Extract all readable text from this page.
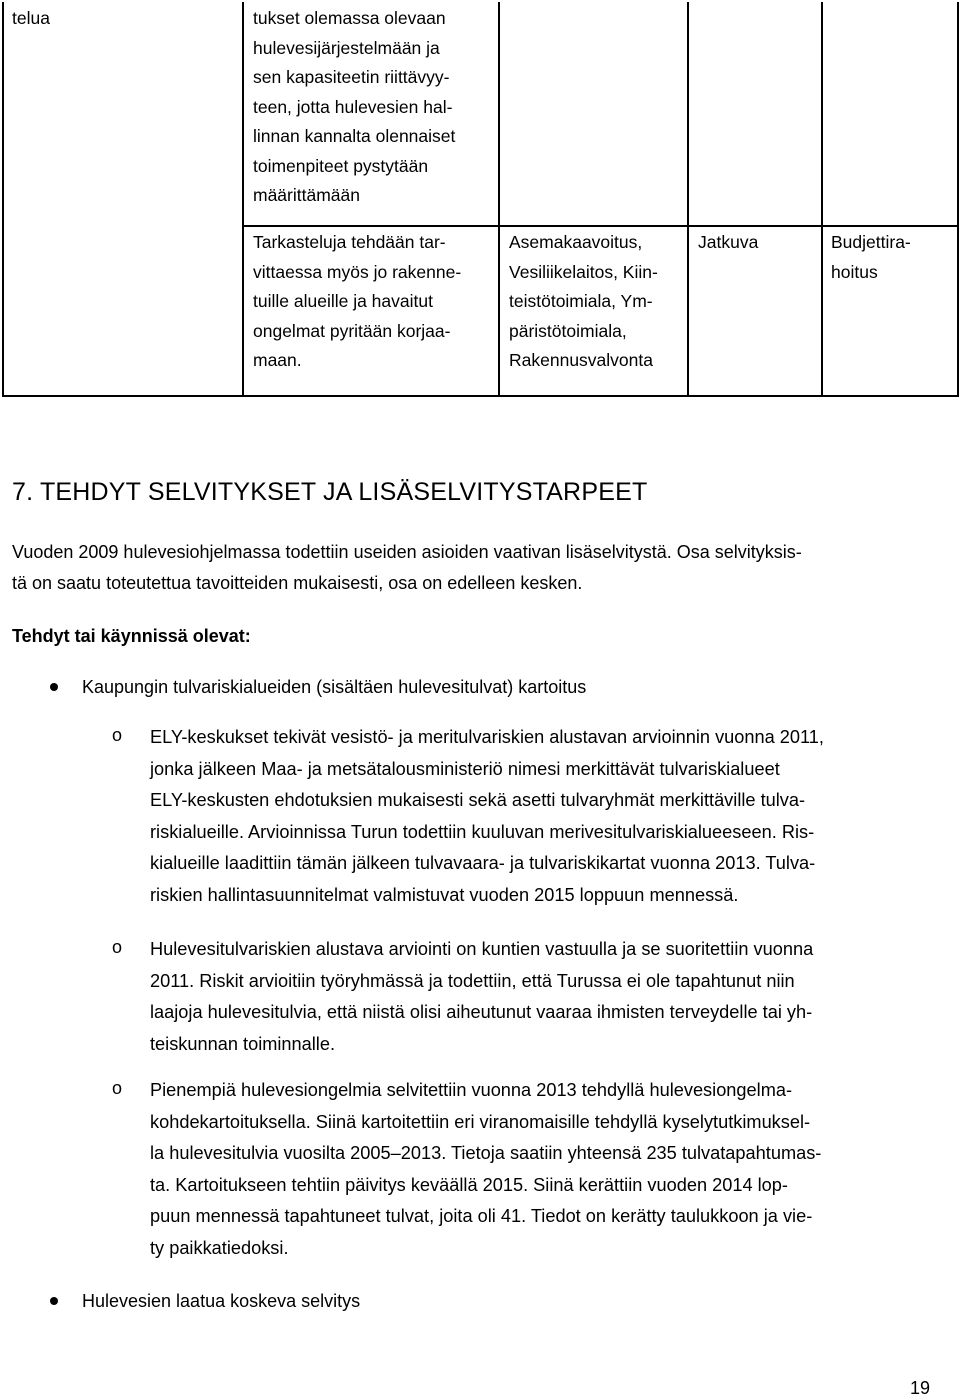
telua	tukset olemassa olevaan
hulevesijärjestelmään ja
sen kapasiteetin riittävyy-
teen, jotta hulevesien hal-
linnan kannalta olennaiset
toimenpiteet pystytään
määrittämään
Tarkasteluja tehdään tar-
vittaessa myös jo rakenne-
tuille alueille ja havaitut
ongelmat pyritään korjaa-
maan.
Asemakaavoitus,
Vesiliikelaitos, Kiin-
teistötoimiala, Ym-
päristötoimiala,
Rakennusvalvonta
Jatkuva	Budjettira-
hoitus
7. TEHDYT SELVITYKSET JA LISÄSELVITYSTARPEET
Vuoden 2009 hulevesiohjelmassa todettiin useiden asioiden vaativan lisäselvitystä. Osa selvityksis-
tä on saatu toteutettua tavoitteiden mukaisesti, osa on edelleen kesken.
Tehdyt tai käynnissä olevat:
Kaupungin tulvariskialueiden (sisältäen hulevesitulvat) kartoitus
o ELY-keskukset tekivät vesistö- ja meritulvariskien alustavan arvioinnin vuonna 2011,
jonka jälkeen Maa- ja metsätalousministeriö nimesi merkittävät tulvariskialueet
ELY-keskusten ehdotuksien mukaisesti sekä asetti tulvaryhmät merkittäville tulva-
riskialueille. Arvioinnissa Turun todettiin kuuluvan merivesitulvariskialueeseen. Ris-
kialueille laadittiin tämän jälkeen tulvavaara- ja tulvariskikartat vuonna 2013. Tulva-
riskien hallintasuunnitelmat valmistuvat vuoden 2015 loppuun mennessä.
o Hulevesitulvariskien alustava arviointi on kuntien vastuulla ja se suoritettiin vuonna
2011. Riskit arvioitiin työryhmässä ja todettiin, että Turussa ei ole tapahtunut niin
laajoja hulevesitulvia, että niistä olisi aiheutunut vaaraa ihmisten terveydelle tai yh-
teiskunnan toiminnalle.
o Pienempiä hulevesiongelmia selvitettiin vuonna 2013 tehdyllä hulevesiongelma-
kohdekartoituksella. Siinä kartoitettiin eri viranomaisille tehdyllä kyselytutkimuksel-
la hulevesitulvia vuosilta 2005–2013. Tietoja saatiin yhteensä 235 tulvatapahtumas-
ta. Kartoitukseen tehtiin päivitys keväällä 2015. Siinä kerättiin vuoden 2014 lop-
puun mennessä tapahtuneet tulvat, joita oli 41. Tiedot on kerätty taulukkoon ja vie-
ty paikkatiedoksi.
Hulevesien laatua koskeva selvitys
19
